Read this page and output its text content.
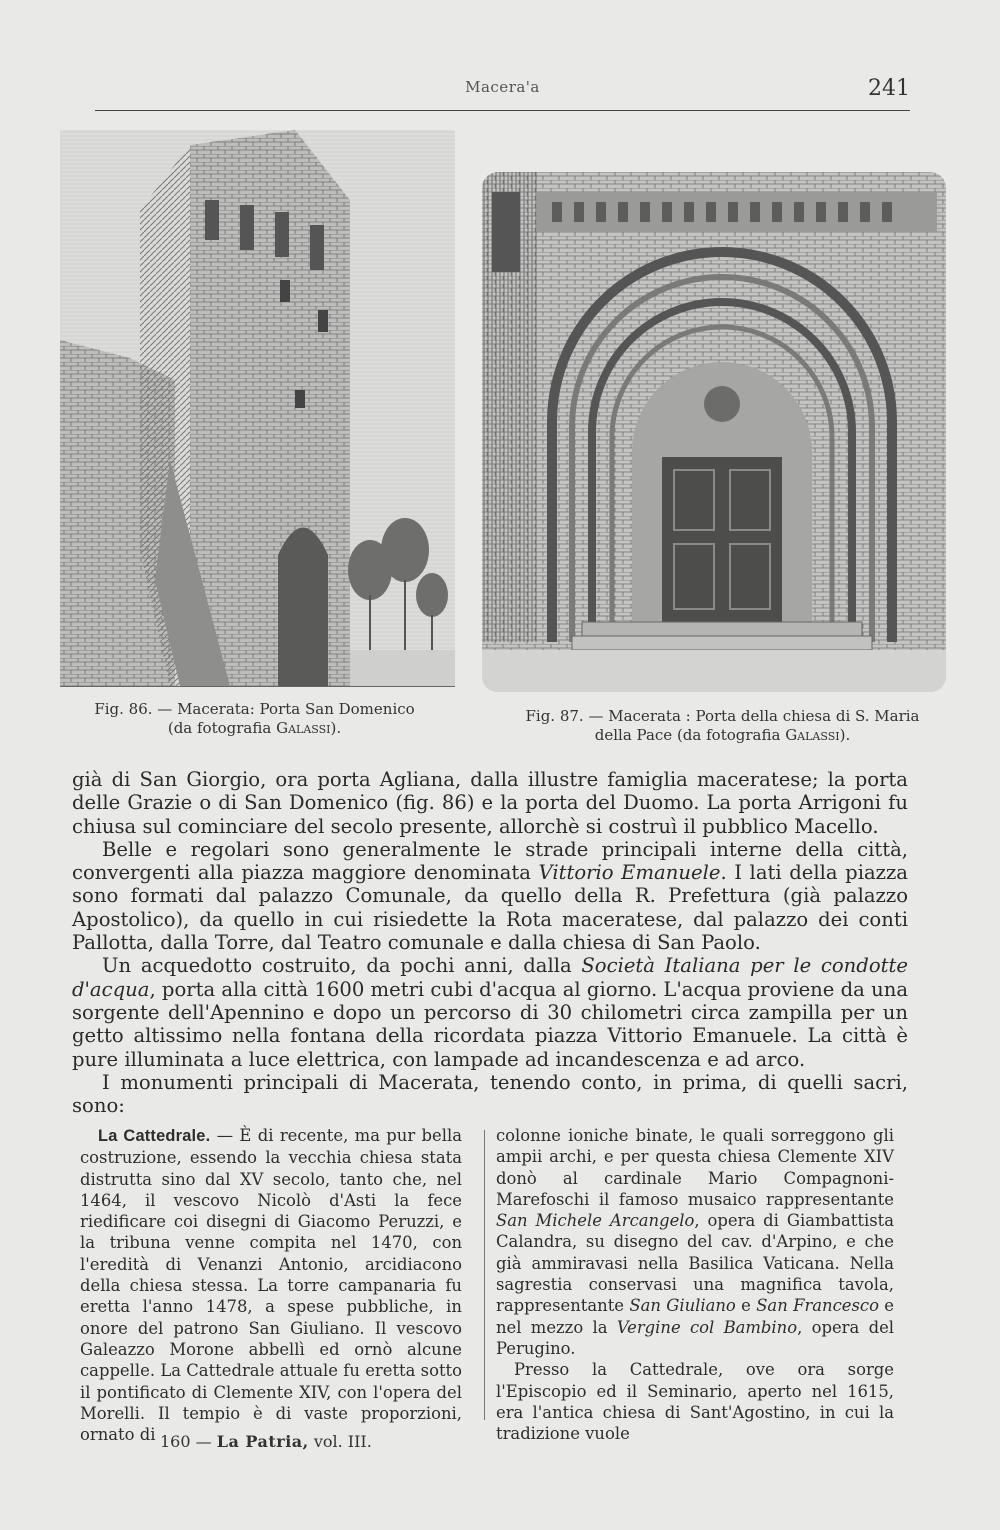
Macera'a	241
Fig. 86. — Macerata: Porta San Domenico
(da fotografia Galassi).
Fig. 87. — Macerata : Porta della chiesa di S. Maria
della Pace (da fotografia Galassi).

già di San Giorgio, ora porta Agliana, dalla illustre famiglia maceratese; la porta delle Grazie o di San Domenico (fig. 86) e la porta del Duomo. La porta Arrigoni fu chiusa sul cominciare del secolo presente, allorchè si costruì il pubblico Macello.

Belle e regolari sono generalmente le strade principali interne della città, convergenti alla piazza maggiore denominata Vittorio Emanuele. I lati della piazza sono formati dal palazzo Comunale, da quello della R. Prefettura (già palazzo Apostolico), da quello in cui risiedette la Rota maceratese, dal palazzo dei conti Pallotta, dalla Torre, dal Teatro comunale e dalla chiesa di San Paolo.

Un acquedotto costruito, da pochi anni, dalla Società Italiana per le condotte d'acqua, porta alla città 1600 metri cubi d'acqua al giorno. L'acqua proviene da una sorgente dell'Apennino e dopo un percorso di 30 chilometri circa zampilla per un getto altissimo nella fontana della ricordata piazza Vittorio Emanuele. La città è pure illuminata a luce elettrica, con lampade ad incandescenza e ad arco.

I monumenti principali di Macerata, tenendo conto, in prima, di quelli sacri, sono:

La Cattedrale. — È di recente, ma pur bella costruzione, essendo la vecchia chiesa stata distrutta sino dal XV secolo, tanto che, nel 1464, il vescovo Nicolò d'Asti la fece riedificare coi disegni di Giacomo Peruzzi, e la tribuna venne compita nel 1470, con l'eredità di Venanzi Antonio, arcidiacono della chiesa stessa. La torre campanaria fu eretta l'anno 1478, a spese pubbliche, in onore del patrono San Giuliano. Il vescovo Galeazzo Morone abbellì ed ornò alcune cappelle. La Cattedrale attuale fu eretta sotto il pontificato di Clemente XIV, con l'opera del Morelli. Il tempio è di vaste proporzioni, ornato di

colonne ioniche binate, le quali sorreggono gli ampii archi, e per questa chiesa Clemente XIV donò al cardinale Mario Compagnoni-Marefoschi il famoso musaico rappresentante San Michele Arcangelo, opera di Giambattista Calandra, su disegno del cav. d'Arpino, e che già ammiravasi nella Basilica Vaticana. Nella sagrestia conservasi una magnifica tavola, rappresentante San Giuliano e San Francesco e nel mezzo la Vergine col Bambino, opera del Perugino.

Presso la Cattedrale, ove ora sorge l'Episcopio ed il Seminario, aperto nel 1615, era l'antica chiesa di Sant'Agostino, in cui la tradizione vuole

160 — La Patria, vol. III.
